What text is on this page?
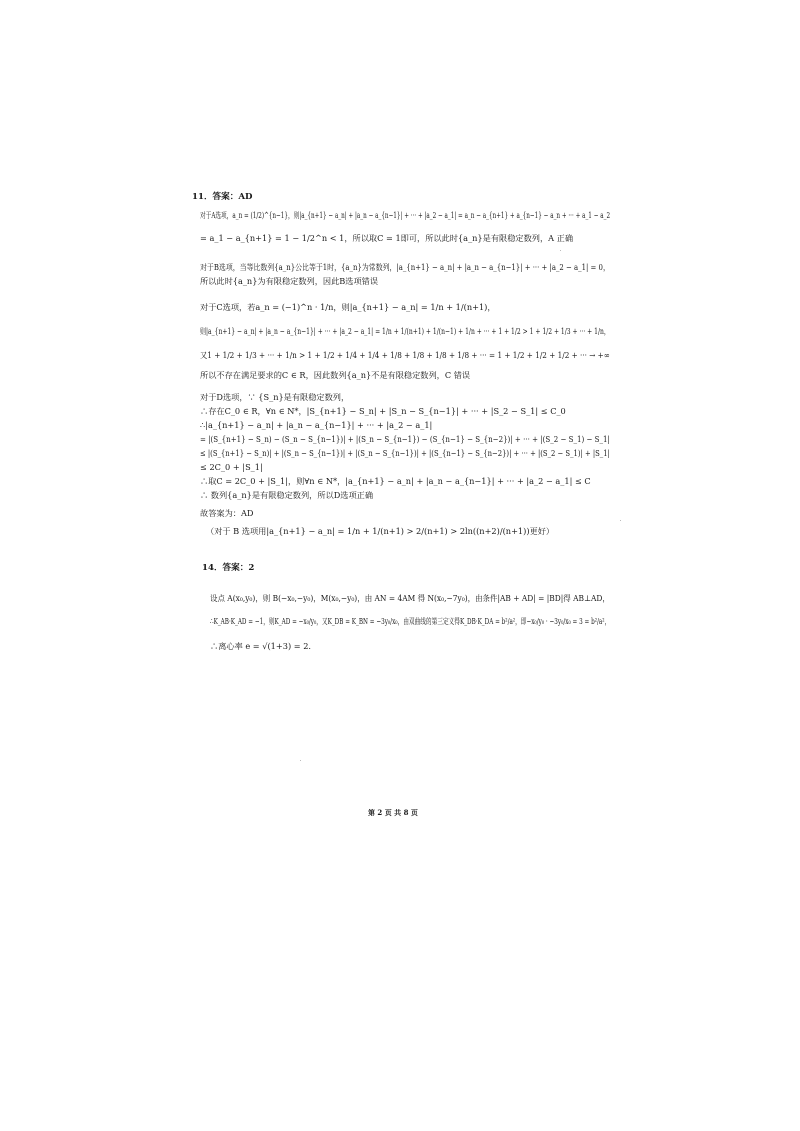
11．答案：AD
对于A选项，a_n = (1/2)^{n−1}，则|a_{n+1} − a_n| + |a_n − a_{n−1}| + ··· + |a_2 − a_1| = a_n − a_{n+1} + a_{n−1} − a_n + ··· + a_1 − a_2
= a_1 − a_{n+1} = 1 − 1/2^n < 1，所以取C = 1即可，所以此时{a_n}是有限稳定数列，A 正确
对于B选项，当等比数列{a_n}公比等于1时，{a_n}为常数列，|a_{n+1} − a_n| + |a_n − a_{n−1}| + ··· + |a_2 − a_1| = 0，
所以此时{a_n}为有限稳定数列，因此B选项错误
对于C选项，若a_n = (−1)^n · 1/n，则|a_{n+1} − a_n| = 1/n + 1/(n+1)，
则|a_{n+1} − a_n| + |a_n − a_{n−1}| + ··· + |a_2 − a_1| = 1/n + 1/(n+1) + 1/(n−1) + 1/n + ··· + 1 + 1/2 > 1 + 1/2 + 1/3 + ··· + 1/n，
又1 + 1/2 + 1/3 + ··· + 1/n > 1 + 1/2 + 1/4 + 1/4 + 1/8 + 1/8 + 1/8 + 1/8 + ··· = 1 + 1/2 + 1/2 + 1/2 + ··· → +∞
所以不存在满足要求的C ∈ R，因此数列{a_n}不是有限稳定数列，C 错误
对于D选项，∵ {S_n}是有限稳定数列，
∴存在C_0 ∈ R，∀n ∈ N*，|S_{n+1} − S_n| + |S_n − S_{n−1}| + ··· + |S_2 − S_1| ≤ C_0
∴|a_{n+1} − a_n| + |a_n − a_{n−1}| + ··· + |a_2 − a_1|
= |(S_{n+1} − S_n) − (S_n − S_{n−1})| + |(S_n − S_{n−1}) − (S_{n−1} − S_{n−2})| + ··· + |(S_2 − S_1) − S_1|
≤ |(S_{n+1} − S_n)| + |(S_n − S_{n−1})| + |(S_n − S_{n−1})| + |(S_{n−1} − S_{n−2})| + ··· + |(S_2 − S_1)| + |S_1|
≤ 2C_0 + |S_1|
∴取C = 2C_0 + |S_1|，则∀n ∈ N*，|a_{n+1} − a_n| + |a_n − a_{n−1}| + ··· + |a_2 − a_1| ≤ C
∴ 数列{a_n}是有限稳定数列，所以D选项正确
故答案为：AD
（对于 B 选项用|a_{n+1} − a_n| = 1/n + 1/(n+1) > 2/(n+1) > 2ln((n+2)/(n+1))更好）
14．答案：2
设点 A(x₀,y₀)，则 B(−x₀,−y₀)，M(x₀,−y₀)，由 AN = 4AM 得 N(x₀,−7y₀)，由条件|AB + AD| = |BD|得 AB⊥AD，
∴K_AB·K_AD = −1，则K_AD = −x₀/y₀，又K_DB = K_BN = −3y₀/x₀，由双曲线的第三定义得K_DB·K_DA = b²/a²，即−x₀/y₀ · −3y₀/x₀ = 3 = b²/a²，
∴离心率 e = √(1+3) = 2.
第 2 页 共 8 页
